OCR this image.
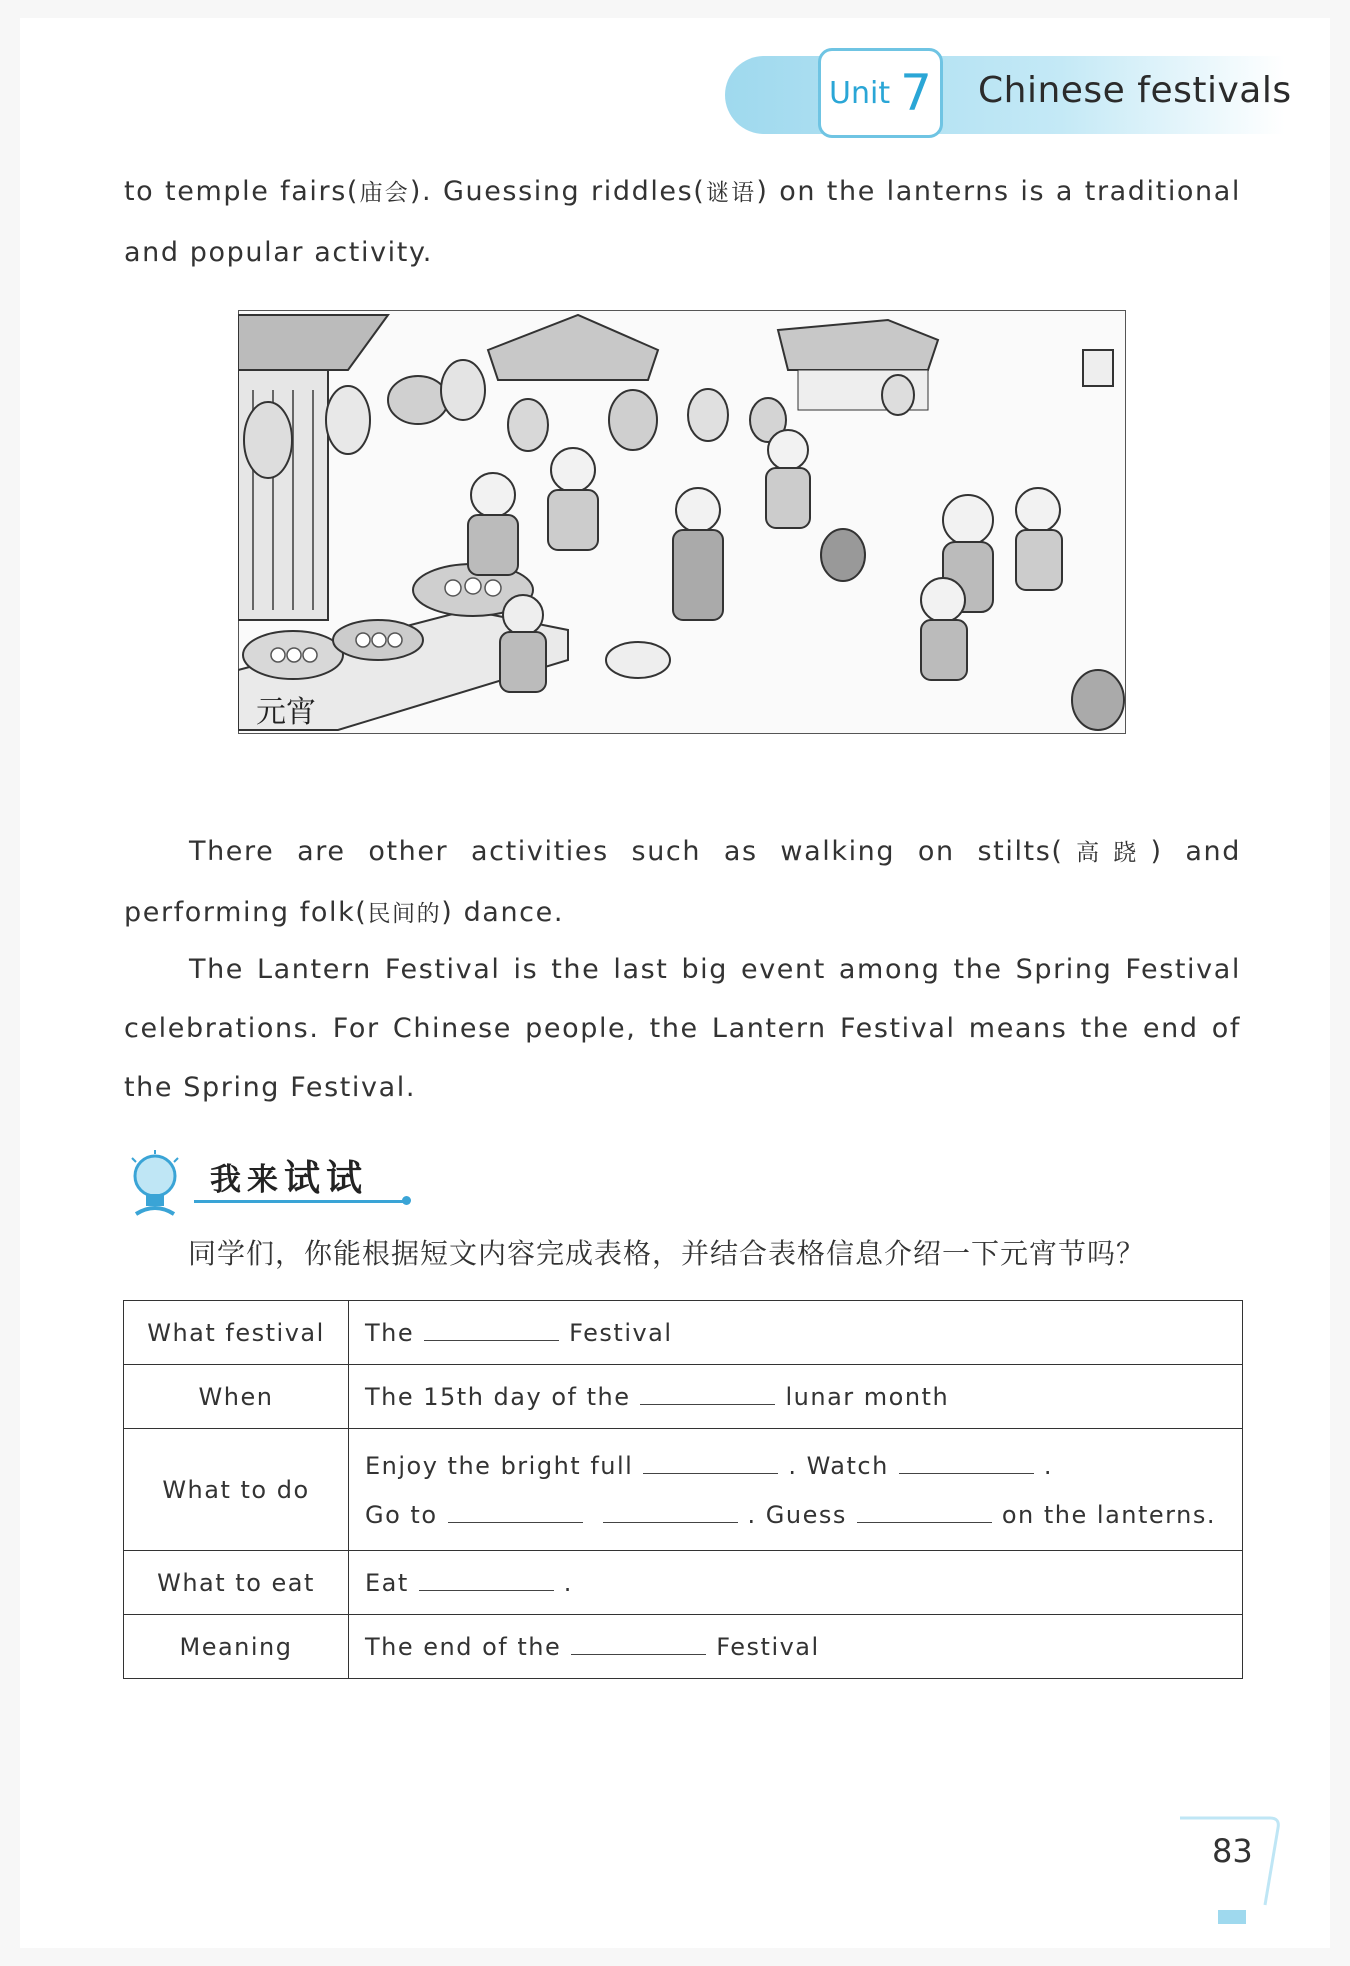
Unit 7 Chinese festivals

to temple fairs(庙会). Guessing riddles(谜语) on the lanterns is a traditional and popular activity.

元宵

There are other activities such as walking on stilts(高跷) and performing folk(民间的) dance.

The Lantern Festival is the last big event among the Spring Festival celebrations. For Chinese people, the Lantern Festival means the end of the Spring Festival.

我来试试
同学们，你能根据短文内容完成表格，并结合表格信息介绍一下元宵节吗？
What festival	The Festival
When	The 15th day of the lunar month
What to do	Enjoy the bright full . Watch .
Go to . Guess on the lanterns.

What to eat	Eat .
Meaning	The end of the Festival
83
